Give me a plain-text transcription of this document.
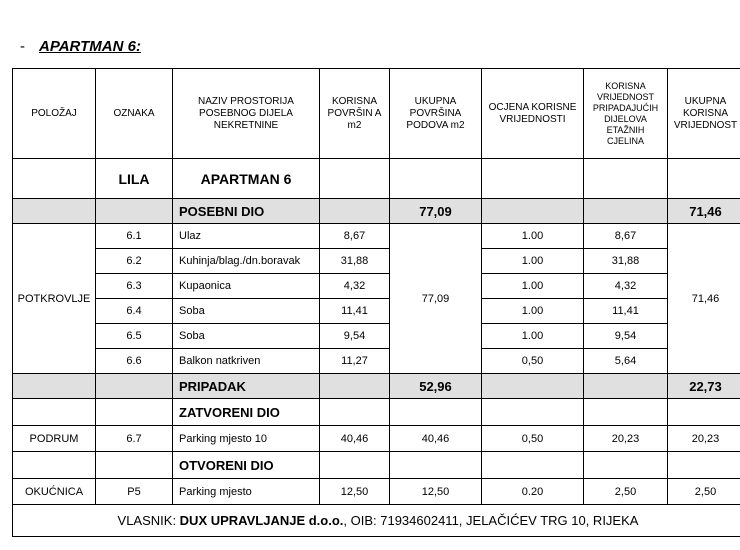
- APARTMAN 6:
POLOŽAJ	OZNAKA	NAZIV PROSTORIJA POSEBNOG DIJELA NEKRETNINE	KORISNA POVRŠIN A m2	UKUPNA POVRŠINA PODOVA m2	OCJENA KORISNE VRIJEDNOSTI	KORISNA VRIJEDNOST PRIPADAJUĆIH DIJELOVA ETAŽNIH CJELINA	UKUPNA KORISNA VRIJEDNOST
	LILA	APARTMAN 6					
		POSEBNI DIO		77,09			71,46
POTKROVLJE	6.1	Ulaz	8,67	77,09	1.00	8,67	71,46
	6.2	Kuhinja/blag./dn.boravak	31,88		1.00	31,88	
	6.3	Kupaonica	4,32		1.00	4,32	
	6.4	Soba	11,41		1.00	11,41	
	6.5	Soba	9,54		1.00	9,54	
	6.6	Balkon natkriven	11,27		0,50	5,64	
		PRIPADAK		52,96			22,73
		ZATVORENI DIO					
PODRUM	6.7	Parking mjesto 10	40,46	40,46	0,50	20,23	20,23
		OTVORENI DIO					
OKUĆNICA	P5	Parking mjesto	12,50	12,50	0.20	2,50	2,50
VLASNIK: DUX UPRAVLJANJE d.o.o., OIB: 71934602411, JELAČIĆEV TRG 10, RIJEKA							
